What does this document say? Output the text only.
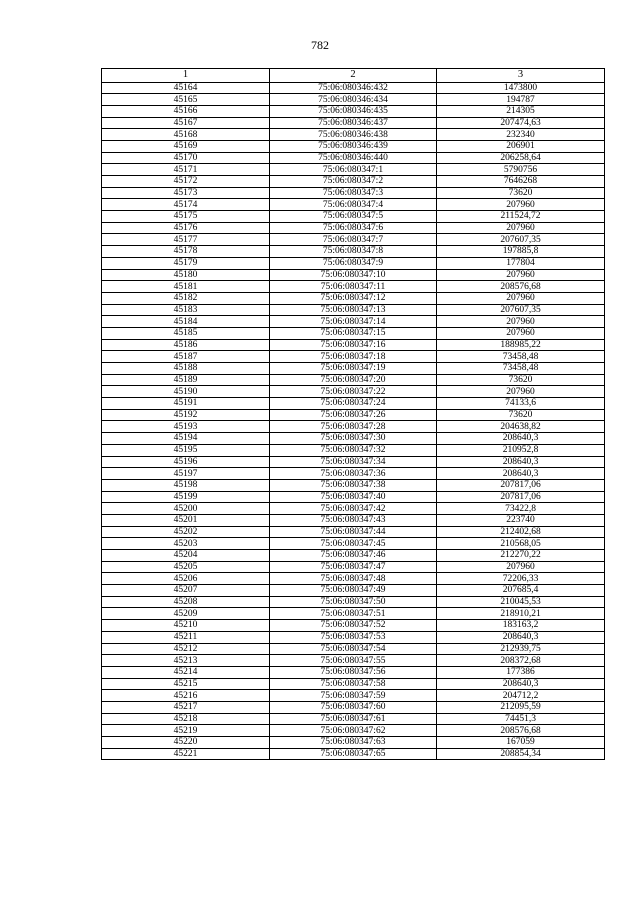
782
1	2	3
45164	75:06:080346:432	1473800
45165	75:06:080346:434	194787
45166	75:06:080346:435	214305
45167	75:06:080346:437	207474,63
45168	75:06:080346:438	232340
45169	75:06:080346:439	206901
45170	75:06:080346:440	206258,64
45171	75:06:080347:1	5790756
45172	75:06:080347:2	7646268
45173	75:06:080347:3	73620
45174	75:06:080347:4	207960
45175	75:06:080347:5	211524,72
45176	75:06:080347:6	207960
45177	75:06:080347:7	207607,35
45178	75:06:080347:8	197885,8
45179	75:06:080347:9	177804
45180	75:06:080347:10	207960
45181	75:06:080347:11	208576,68
45182	75:06:080347:12	207960
45183	75:06:080347:13	207607,35
45184	75:06:080347:14	207960
45185	75:06:080347:15	207960
45186	75:06:080347:16	188985,22
45187	75:06:080347:18	73458,48
45188	75:06:080347:19	73458,48
45189	75:06:080347:20	73620
45190	75:06:080347:22	207960
45191	75:06:080347:24	74133,6
45192	75:06:080347:26	73620
45193	75:06:080347:28	204638,82
45194	75:06:080347:30	208640,3
45195	75:06:080347:32	210952,8
45196	75:06:080347:34	208640,3
45197	75:06:080347:36	208640,3
45198	75:06:080347:38	207817,06
45199	75:06:080347:40	207817,06
45200	75:06:080347:42	73422,8
45201	75:06:080347:43	223740
45202	75:06:080347:44	212402,68
45203	75:06:080347:45	210568,05
45204	75:06:080347:46	212270,22
45205	75:06:080347:47	207960
45206	75:06:080347:48	72206,33
45207	75:06:080347:49	207685,4
45208	75:06:080347:50	210045,53
45209	75:06:080347:51	218910,21
45210	75:06:080347:52	183163,2
45211	75:06:080347:53	208640,3
45212	75:06:080347:54	212939,75
45213	75:06:080347:55	208372,68
45214	75:06:080347:56	177386
45215	75:06:080347:58	208640,3
45216	75:06:080347:59	204712,2
45217	75:06:080347:60	212095,59
45218	75:06:080347:61	74451,3
45219	75:06:080347:62	208576,68
45220	75:06:080347:63	167059
45221	75:06:080347:65	208854,34
